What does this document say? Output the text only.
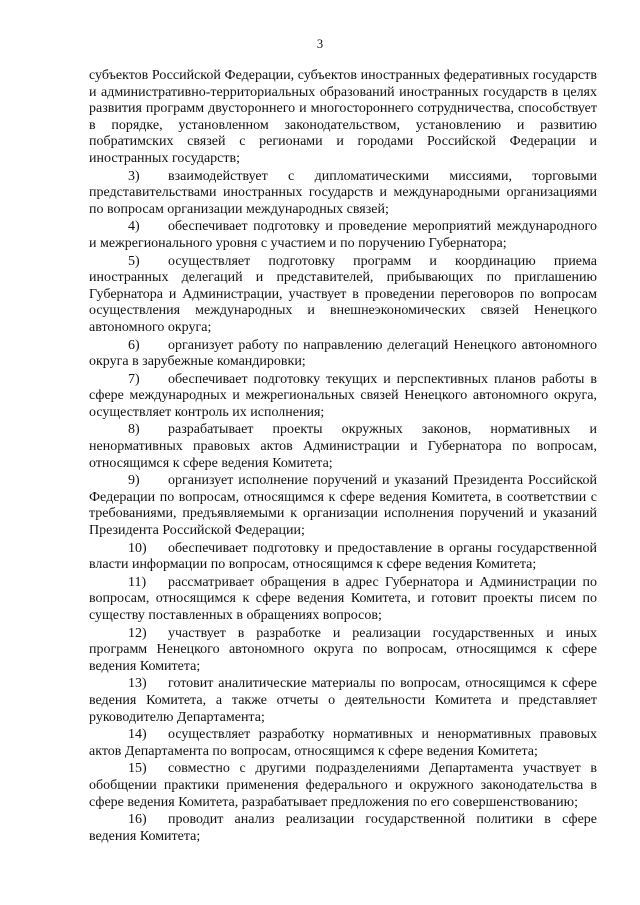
3

субъектов Российской Федерации, субъектов иностранных федеративных государств и административно-территориальных образований иностранных государств в целях развития программ двустороннего и многостороннего сотрудничества, способствует в порядке, установленном законодательством, установлению и развитию побратимских связей с регионами и городами Российской Федерации и иностранных государств;

3) взаимодействует с дипломатическими миссиями, торговыми представительствами иностранных государств и международными организациями по вопросам организации международных связей;

4) обеспечивает подготовку и проведение мероприятий международного и межрегионального уровня с участием и по поручению Губернатора;

5) осуществляет подготовку программ и координацию приема иностранных делегаций и представителей, прибывающих по приглашению Губернатора и Администрации, участвует в проведении переговоров по вопросам осуществления международных и внешнеэкономических связей Ненецкого автономного округа;

6) организует работу по направлению делегаций Ненецкого автономного округа в зарубежные командировки;

7) обеспечивает подготовку текущих и перспективных планов работы в сфере международных и межрегиональных связей Ненецкого автономного округа, осуществляет контроль их исполнения;

8) разрабатывает проекты окружных законов, нормативных и ненормативных правовых актов Администрации и Губернатора по вопросам, относящимся к сфере ведения Комитета;

9) организует исполнение поручений и указаний Президента Российской Федерации по вопросам, относящимся к сфере ведения Комитета, в соответствии с требованиями, предъявляемыми к организации исполнения поручений и указаний Президента Российской Федерации;

10) обеспечивает подготовку и предоставление в органы государственной власти информации по вопросам, относящимся к сфере ведения Комитета;

11) рассматривает обращения в адрес Губернатора и Администрации по вопросам, относящимся к сфере ведения Комитета, и готовит проекты писем по существу поставленных в обращениях вопросов;

12) участвует в разработке и реализации государственных и иных программ Ненецкого автономного округа по вопросам, относящимся к сфере ведения Комитета;

13) готовит аналитические материалы по вопросам, относящимся к сфере ведения Комитета, а также отчеты о деятельности Комитета и представляет руководителю Департамента;

14) осуществляет разработку нормативных и ненормативных правовых актов Департамента по вопросам, относящимся к сфере ведения Комитета;

15) совместно с другими подразделениями Департамента участвует в обобщении практики применения федерального и окружного законодательства в сфере ведения Комитета, разрабатывает предложения по его совершенствованию;

16) проводит анализ реализации государственной политики в сфере ведения Комитета;
